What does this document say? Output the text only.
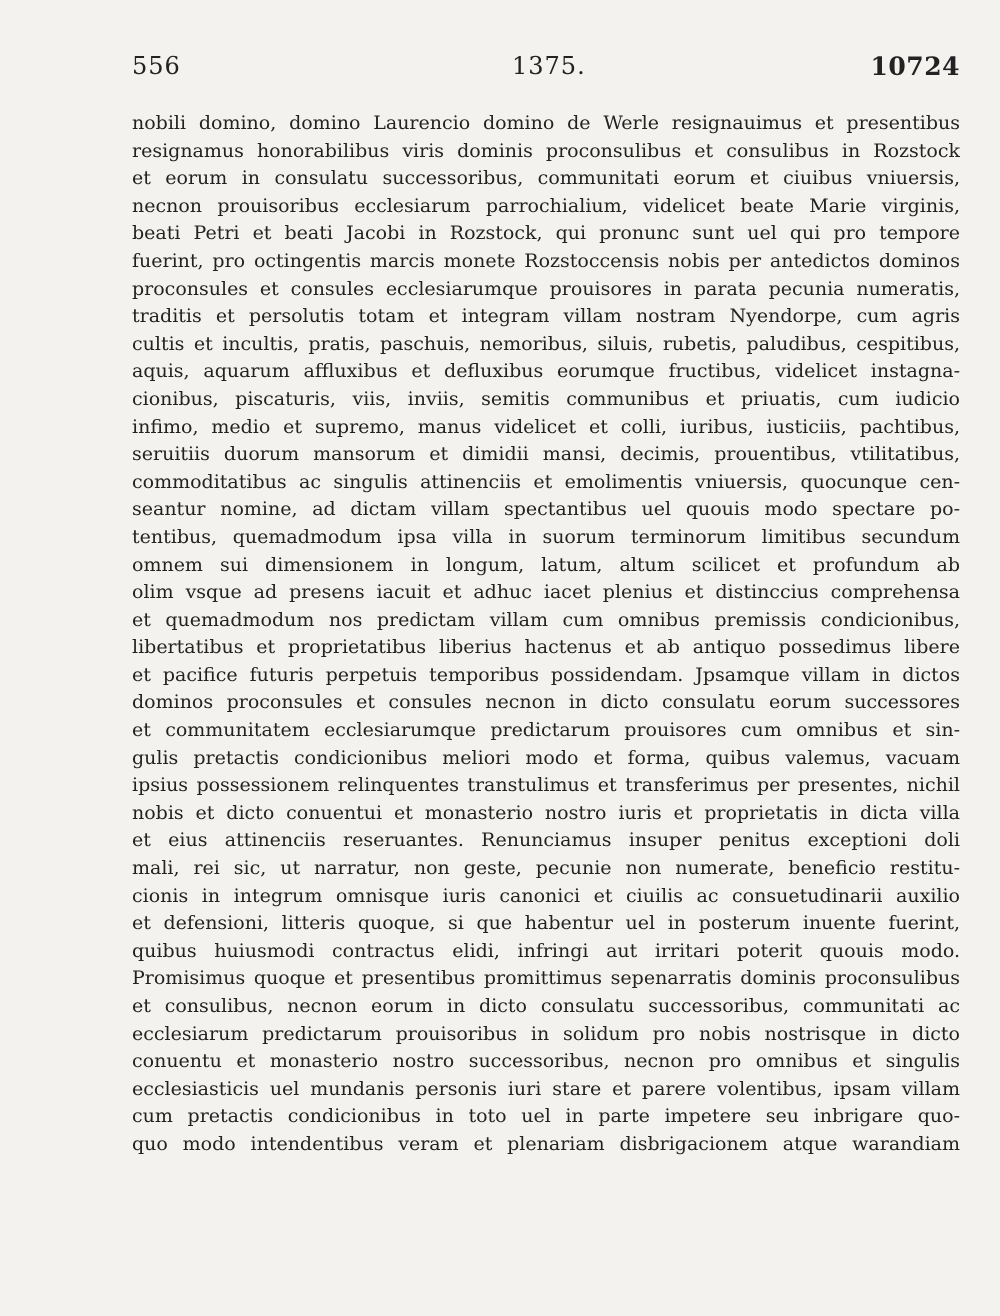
556	1375.	10724
nobili domino, domino Laurencio domino de Werle resignauimus et presentibus
resignamus honorabilibus viris dominis proconsulibus et consulibus in Rozstock
et eorum in consulatu successoribus, communitati eorum et ciuibus vniuersis,
necnon prouisoribus ecclesiarum parrochialium, videlicet beate Marie virginis,
beati Petri et beati Jacobi in Rozstock, qui pronunc sunt uel qui pro tempore
fuerint, pro octingentis marcis monete Rozstoccensis nobis per antedictos dominos
proconsules et consules ecclesiarumque prouisores in parata pecunia numeratis,
traditis et persolutis totam et integram villam nostram Nyendorpe, cum agris
cultis et incultis, pratis, paschuis, nemoribus, siluis, rubetis, paludibus, cespitibus,
aquis, aquarum affluxibus et defluxibus eorumque fructibus, videlicet instagna-
cionibus, piscaturis, viis, inviis, semitis communibus et priuatis, cum iudicio
infimo, medio et supremo, manus videlicet et colli, iuribus, iusticiis, pachtibus,
seruitiis duorum mansorum et dimidii mansi, decimis, prouentibus, vtilitatibus,
commoditatibus ac singulis attinenciis et emolimentis vniuersis, quocunque cen-
seantur nomine, ad dictam villam spectantibus uel quouis modo spectare po-
tentibus, quemadmodum ipsa villa in suorum terminorum limitibus secundum
omnem sui dimensionem in longum, latum, altum scilicet et profundum ab
olim vsque ad presens iacuit et adhuc iacet plenius et distinccius comprehensa
et quemadmodum nos predictam villam cum omnibus premissis condicionibus,
libertatibus et proprietatibus liberius hactenus et ab antiquo possedimus libere
et pacifice futuris perpetuis temporibus possidendam. Jpsamque villam in dictos
dominos proconsules et consules necnon in dicto consulatu eorum successores
et communitatem ecclesiarumque predictarum prouisores cum omnibus et sin-
gulis pretactis condicionibus meliori modo et forma, quibus valemus, vacuam
ipsius possessionem relinquentes transtulimus et transferimus per presentes, nichil
nobis et dicto conuentui et monasterio nostro iuris et proprietatis in dicta villa
et eius attinenciis reseruantes. Renunciamus insuper penitus exceptioni doli
mali, rei sic, ut narratur, non geste, pecunie non numerate, beneficio restitu-
cionis in integrum omnisque iuris canonici et ciuilis ac consuetudinarii auxilio
et defensioni, litteris quoque, si que habentur uel in posterum inuente fuerint,
quibus huiusmodi contractus elidi, infringi aut irritari poterit quouis modo.
Promisimus quoque et presentibus promittimus sepenarratis dominis proconsulibus
et consulibus, necnon eorum in dicto consulatu successoribus, communitati ac
ecclesiarum predictarum prouisoribus in solidum pro nobis nostrisque in dicto
conuentu et monasterio nostro successoribus, necnon pro omnibus et singulis
ecclesiasticis uel mundanis personis iuri stare et parere volentibus, ipsam villam
cum pretactis condicionibus in toto uel in parte impetere seu inbrigare quo-
quo modo intendentibus veram et plenariam disbrigacionem atque warandiam
